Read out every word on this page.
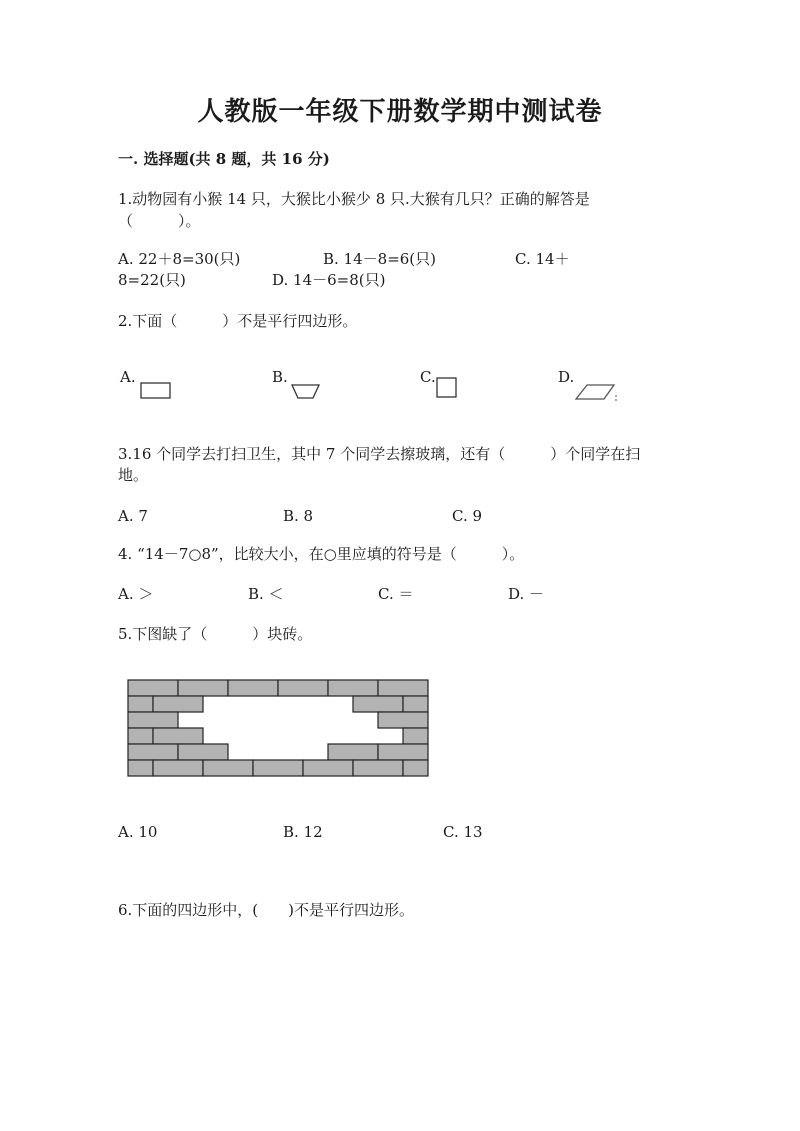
人教版一年级下册数学期中测试卷
一. 选择题(共 8 题，共 16 分)
1.动物园有小猴 14 只，大猴比小猴少 8 只.大猴有几只？正确的解答是
（　　　）。
A. 22＋8=30(只)	B. 14－8=6(只)	C. 14＋
8=22(只)	D. 14－6=8(只)
2.下面（　　　）不是平行四边形。
A.	B.	C.	D.
3.16 个同学去打扫卫生，其中 7 个同学去擦玻璃，还有（　　　）个同学在扫
地。
A. 7	B. 8	C. 9
4. “14－7○8”，比较大小，在○里应填的符号是（　　　）。
A. ＞	B. ＜	C. ＝	D. －
5.下图缺了（　　　）块砖。
A. 10	B. 12	C. 13
6.下面的四边形中，(　　)不是平行四边形。
